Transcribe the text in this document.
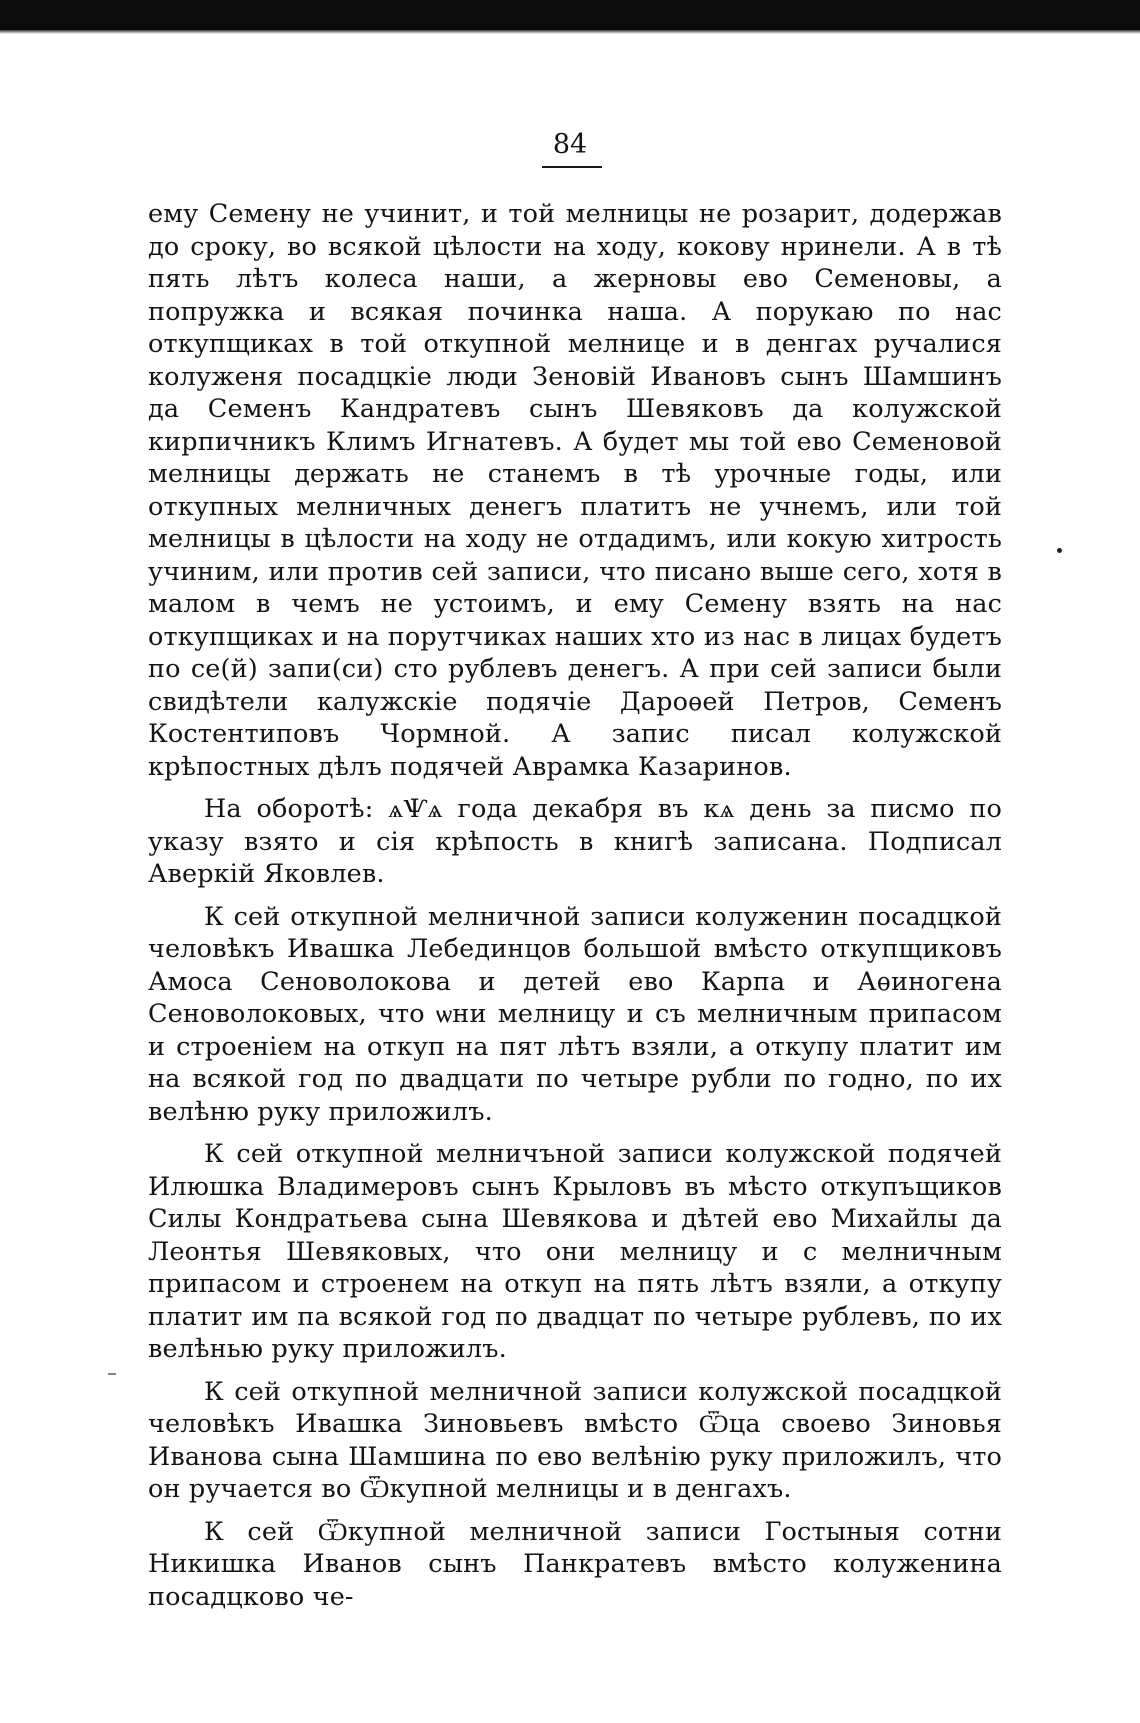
84

ему Семену не учинит, и той мелницы не розарит, додержав до сроку, во всякой цѣлости на ходу, кокову нринели. А в тѣ пять лѣтъ колеса наши, а жерновы ево Семеновы, а попружка и всякая починка наша. А порукаю по нас откупщиках в той откупной мелнице и в денгах ручалися колуженя посадцкіе люди Зеновій Ивановъ сынъ Шамшинъ да Семенъ Кандратевъ сынъ Шевяковъ да колужской кирпичникъ Климъ Игнатевъ. А будет мы той ево Семеновой мелницы держать не станемъ в тѣ урочные годы, или откупных мелничных денегъ платитъ не учнемъ, или той мелницы в цѣлости на ходу не отдадимъ, или кокую хитрость учиним, или против сей записи, что писано выше сего, хотя в малом в чемъ не устоимъ, и ему Семену взять на нас откупщиках и на порутчиках наших хто из нас в лицах будетъ по се(й) запи(си) сто рублевъ денегъ. А при сей записи были свидѣтели калужскіе подячіе Дароѳей Петров, Семенъ Костентиповъ Чормной. А запис писал колужской крѣпостных дѣлъ подячей Аврамка Казаринов.

На оборотѣ: ѧѰѧ года декабря въ кѧ день за писмо по указу взято и сія крѣпость в книгѣ записана. Подписал Аверкій Яковлев.

К сей откупной мелничной записи колуженин посадцкой человѣкъ Ивашка Лебединцов большой вмѣсто откупщиковъ Амоса Сеноволокова и детей ево Карпа и Аѳиногена Сеноволоковых, что ѡни мелницу и съ мелничным припасом и строеніем на откуп на пят лѣтъ взяли, а откупу платит им на всякой год по двадцати по четыре рубли по годно, по их велѣню руку приложилъ.

К сей откупной мелничъной записи колужской подячей Илюшка Владимеровъ сынъ Крыловъ въ мѣсто откупъщиков Силы Кондратьева сына Шевякова и дѣтей ево Михайлы да Леонтья Шевяковых, что они мелницу и с мелничным припасом и строенем на откуп на пять лѣтъ взяли, а откупу платит им па всякой год по двадцат по четыре рублевъ, по их велѣнью руку приложилъ.

К сей откупной мелничной записи колужской посадцкой человѣкъ Ивашка Зиновьевъ вмѣсто Ѿца своево Зиновья Иванова сына Шамшина по ево велѣнію руку приложилъ, что он ручается во Ѿкупной мелницы и в денгахъ.

К сей Ѿкупной мелничной записи Гостыныя сотни Никишка Иванов сынъ Панкратевъ вмѣсто колуженина посадцково че-
